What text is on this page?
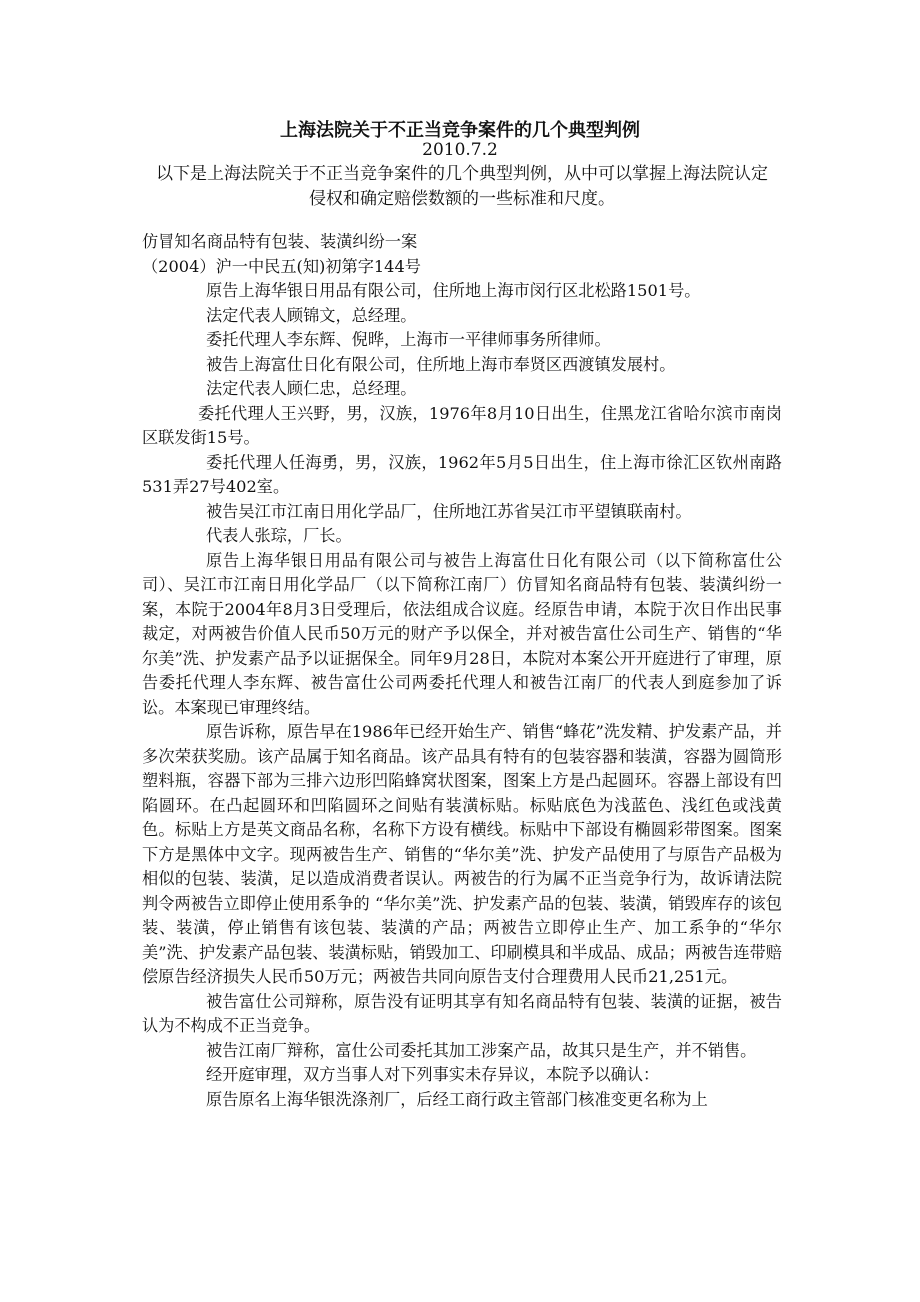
上海法院关于不正当竞争案件的几个典型判例
2010.7.2
以下是上海法院关于不正当竞争案件的几个典型判例，从中可以掌握上海法院认定侵权和确定赔偿数额的一些标准和尺度。

仿冒知名商品特有包装、装潢纠纷一案

（2004）沪一中民五(知)初第字144号

原告上海华银日用品有限公司，住所地上海市闵行区北松路1501号。

法定代表人顾锦文，总经理。

委托代理人李东辉、倪晔，上海市一平律师事务所律师。

被告上海富仕日化有限公司，住所地上海市奉贤区西渡镇发展村。

法定代表人顾仁忠，总经理。

委托代理人王兴野，男，汉族，1976年8月10日出生，住黑龙江省哈尔滨市南岗区联发街15号。

委托代理人任海勇，男，汉族，1962年5月5日出生，住上海市徐汇区钦州南路531弄27号402室。

被告吴江市江南日用化学品厂，住所地江苏省吴江市平望镇联南村。

代表人张琮，厂长。

原告上海华银日用品有限公司与被告上海富仕日化有限公司（以下简称富仕公司）、吴江市江南日用化学品厂（以下简称江南厂）仿冒知名商品特有包装、装潢纠纷一案，本院于2004年8月3日受理后，依法组成合议庭。经原告申请，本院于次日作出民事裁定，对两被告价值人民币50万元的财产予以保全，并对被告富仕公司生产、销售的“华尔美”洗、护发素产品予以证据保全。同年9月28日，本院对本案公开开庭进行了审理，原告委托代理人李东辉、被告富仕公司两委托代理人和被告江南厂的代表人到庭参加了诉讼。本案现已审理终结。

原告诉称，原告早在1986年已经开始生产、销售“蜂花”洗发精、护发素产品，并多次荣获奖励。该产品属于知名商品。该产品具有特有的包装容器和装潢，容器为圆筒形塑料瓶，容器下部为三排六边形凹陷蜂窝状图案，图案上方是凸起圆环。容器上部设有凹陷圆环。在凸起圆环和凹陷圆环之间贴有装潢标贴。标贴底色为浅蓝色、浅红色或浅黄色。标贴上方是英文商品名称，名称下方设有横线。标贴中下部设有椭圆彩带图案。图案下方是黑体中文字。现两被告生产、销售的“华尔美”洗、护发产品使用了与原告产品极为相似的包装、装潢，足以造成消费者误认。两被告的行为属不正当竞争行为，故诉请法院判令两被告立即停止使用系争的 “华尔美”洗、护发素产品的包装、装潢，销毁库存的该包装、装潢，停止销售有该包装、装潢的产品；两被告立即停止生产、加工系争的“华尔美”洗、护发素产品包装、装潢标贴，销毁加工、印刷模具和半成品、成品；两被告连带赔偿原告经济损失人民币50万元；两被告共同向原告支付合理费用人民币21,251元。

被告富仕公司辩称，原告没有证明其享有知名商品特有包装、装潢的证据，被告认为不构成不正当竞争。

被告江南厂辩称，富仕公司委托其加工涉案产品，故其只是生产，并不销售。

经开庭审理，双方当事人对下列事实未存异议，本院予以确认：

原告原名上海华银洗涤剂厂，后经工商行政主管部门核准变更名称为上
